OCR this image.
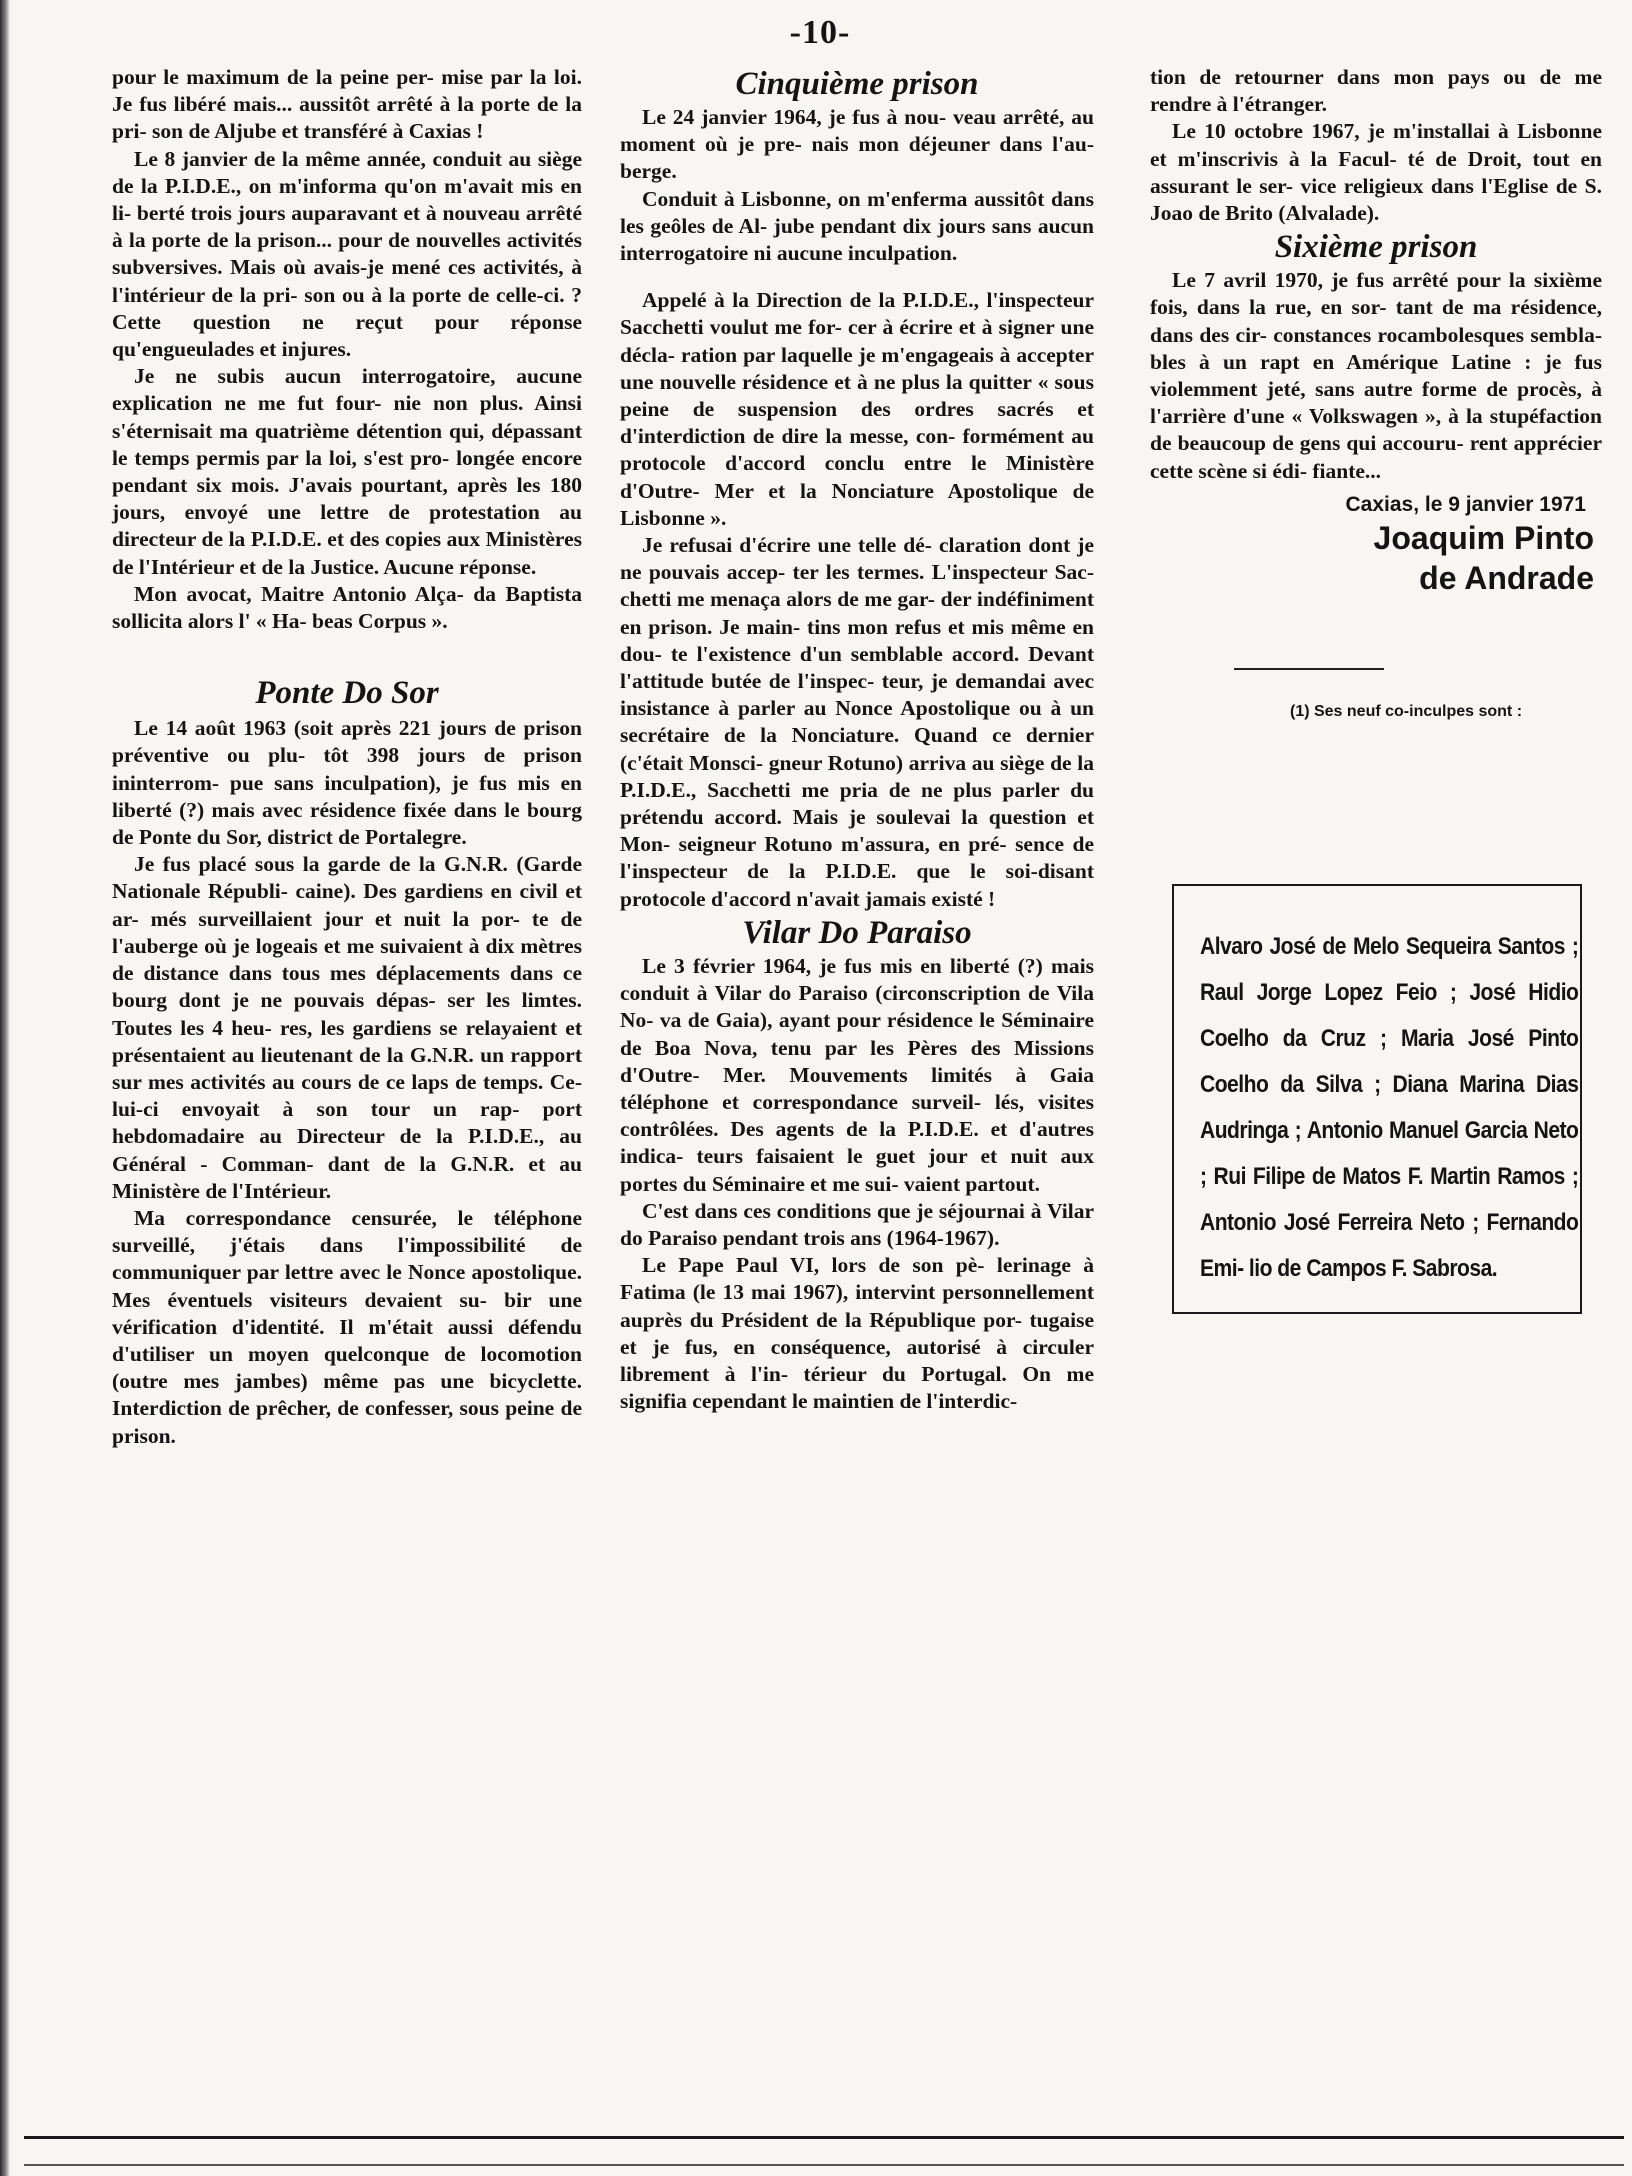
-10-

pour le maximum de la peine per- mise par la loi. Je fus libéré mais... aussitôt arrêté à la porte de la pri- son de Aljube et transféré à Caxias !

Le 8 janvier de la même année, conduit au siège de la P.I.D.E., on m'informa qu'on m'avait mis en li- berté trois jours auparavant et à nouveau arrêté à la porte de la prison... pour de nouvelles activités subversives. Mais où avais-je mené ces activités, à l'intérieur de la pri- son ou à la porte de celle-ci. ? Cette question ne reçut pour réponse qu'engueulades et injures.

Je ne subis aucun interrogatoire, aucune explication ne me fut four- nie non plus. Ainsi s'éternisait ma quatrième détention qui, dépassant le temps permis par la loi, s'est pro- longée encore pendant six mois. J'avais pourtant, après les 180 jours, envoyé une lettre de protestation au directeur de la P.I.D.E. et des copies aux Ministères de l'Intérieur et de la Justice. Aucune réponse.

Mon avocat, Maitre Antonio Alça- da Baptista sollicita alors l' « Ha- beas Corpus ».

Ponte Do Sor

Le 14 août 1963 (soit après 221 jours de prison préventive ou plu- tôt 398 jours de prison ininterrom- pue sans inculpation), je fus mis en liberté (?) mais avec résidence fixée dans le bourg de Ponte du Sor, district de Portalegre.

Je fus placé sous la garde de la G.N.R. (Garde Nationale Républi- caine). Des gardiens en civil et ar- més surveillaient jour et nuit la por- te de l'auberge où je logeais et me suivaient à dix mètres de distance dans tous mes déplacements dans ce bourg dont je ne pouvais dépas- ser les limtes. Toutes les 4 heu- res, les gardiens se relayaient et présentaient au lieutenant de la G.N.R. un rapport sur mes activités au cours de ce laps de temps. Ce- lui-ci envoyait à son tour un rap- port hebdomadaire au Directeur de la P.I.D.E., au Général - Comman- dant de la G.N.R. et au Ministère de l'Intérieur.

Ma correspondance censurée, le téléphone surveillé, j'étais dans l'impossibilité de communiquer par lettre avec le Nonce apostolique. Mes éventuels visiteurs devaient su- bir une vérification d'identité. Il m'était aussi défendu d'utiliser un moyen quelconque de locomotion (outre mes jambes) même pas une bicyclette. Interdiction de prêcher, de confesser, sous peine de prison.

Cinquième prison

Le 24 janvier 1964, je fus à nou- veau arrêté, au moment où je pre- nais mon déjeuner dans l'au- berge.

Conduit à Lisbonne, on m'enferma aussitôt dans les geôles de Al- jube pendant dix jours sans aucun interrogatoire ni aucune inculpation.

Appelé à la Direction de la P.I.D.E., l'inspecteur Sacchetti voulut me for- cer à écrire et à signer une décla- ration par laquelle je m'engageais à accepter une nouvelle résidence et à ne plus la quitter « sous peine de suspension des ordres sacrés et d'interdiction de dire la messe, con- formément au protocole d'accord conclu entre le Ministère d'Outre- Mer et la Nonciature Apostolique de Lisbonne ».

Je refusai d'écrire une telle dé- claration dont je ne pouvais accep- ter les termes. L'inspecteur Sac- chetti me menaça alors de me gar- der indéfiniment en prison. Je main- tins mon refus et mis même en dou- te l'existence d'un semblable accord. Devant l'attitude butée de l'inspec- teur, je demandai avec insistance à parler au Nonce Apostolique ou à un secrétaire de la Nonciature. Quand ce dernier (c'était Monsci- gneur Rotuno) arriva au siège de la P.I.D.E., Sacchetti me pria de ne plus parler du prétendu accord. Mais je soulevai la question et Mon- seigneur Rotuno m'assura, en pré- sence de l'inspecteur de la P.I.D.E. que le soi-disant protocole d'accord n'avait jamais existé !

Vilar Do Paraiso

Le 3 février 1964, je fus mis en liberté (?) mais conduit à Vilar do Paraiso (circonscription de Vila No- va de Gaia), ayant pour résidence le Séminaire de Boa Nova, tenu par les Pères des Missions d'Outre- Mer. Mouvements limités à Gaia téléphone et correspondance surveil- lés, visites contrôlées. Des agents de la P.I.D.E. et d'autres indica- teurs faisaient le guet jour et nuit aux portes du Séminaire et me sui- vaient partout.

C'est dans ces conditions que je séjournai à Vilar do Paraiso pendant trois ans (1964-1967).

Le Pape Paul VI, lors de son pè- lerinage à Fatima (le 13 mai 1967), intervint personnellement auprès du Président de la République por- tugaise et je fus, en conséquence, autorisé à circuler librement à l'in- térieur du Portugal. On me signifia cependant le maintien de l'interdic-

tion de retourner dans mon pays ou de me rendre à l'étranger.

Le 10 octobre 1967, je m'installai à Lisbonne et m'inscrivis à la Facul- té de Droit, tout en assurant le ser- vice religieux dans l'Eglise de S. Joao de Brito (Alvalade).

Sixième prison

Le 7 avril 1970, je fus arrêté pour la sixième fois, dans la rue, en sor- tant de ma résidence, dans des cir- constances rocambolesques sembla- bles à un rapt en Amérique Latine : je fus violemment jeté, sans autre forme de procès, à l'arrière d'une « Volkswagen », à la stupéfaction de beaucoup de gens qui accouru- rent apprécier cette scène si édi- fiante...

Caxias, le 9 janvier 1971
Joaquim Pinto
de Andrade
(1) Ses neuf co-inculpes sont :
Alvaro José de Melo Sequeira Santos ; Raul Jorge Lopez Feio ; José Hidio Coelho da Cruz ; Maria José Pinto Coelho da Silva ; Diana Marina Dias Audringa ; Antonio Manuel Garcia Neto ; Rui Filipe de Matos F. Martin Ramos ; Antonio José Ferreira Neto ; Fernando Emi- lio de Campos F. Sabrosa.
